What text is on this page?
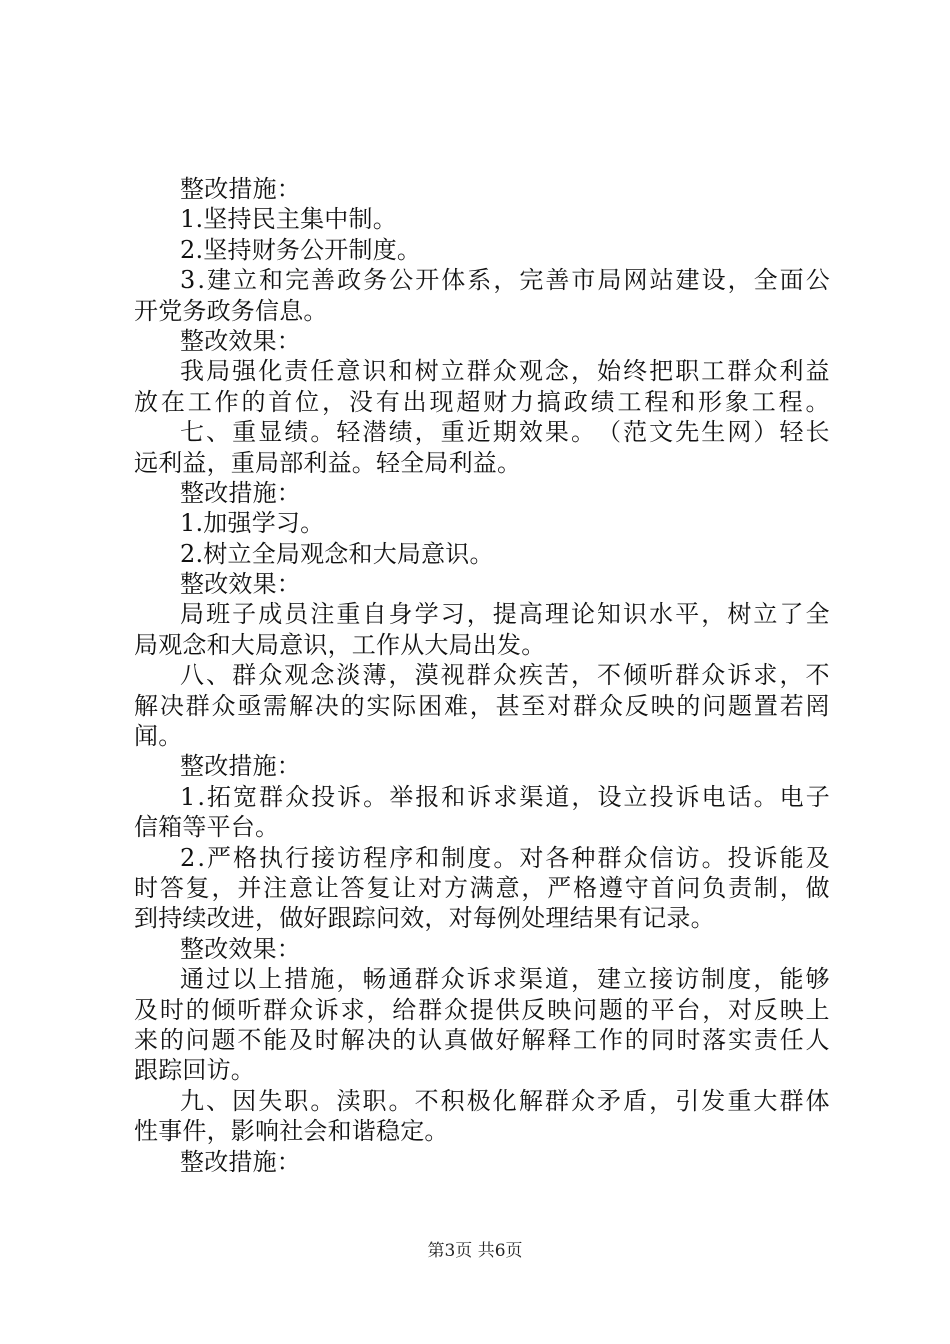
整改措施：
1.坚持民主集中制。
2.坚持财务公开制度。
3 . 建 立 和 完 善 政 务 公 开 体 系 ， 完 善 市 局 网 站 建 设 ， 全 面 公
开党务政务信息。
整改效果：
我 局 强 化 责 任 意 识 和 树 立 群 众 观 念 ， 始 终 把 职 工 群 众 利 益
放 在 工 作 的 首 位 ， 没 有 出 现 超 财 力 搞 政 绩 工 程 和 形 象 工 程 。
七 、 重 显 绩 。 轻 潜 绩 ， 重 近 期 效 果 。 （ 范 文 先 生 网 ） 轻 长
远利益，重局部利益。轻全局利益。
整改措施：
1.加强学习。
2.树立全局观念和大局意识。
整改效果：
局 班 子 成 员 注 重 自 身 学 习 ， 提 高 理 论 知 识 水 平 ， 树 立 了 全
局观念和大局意识，工作从大局出发。
八 、 群 众 观 念 淡 薄 ， 漠 视 群 众 疾 苦 ， 不 倾 听 群 众 诉 求 ， 不
解 决 群 众 亟 需 解 决 的 实 际 困 难 ， 甚 至 对 群 众 反 映 的 问 题 置 若 罔
闻。
整改措施：
1 . 拓 宽 群 众 投 诉 。 举 报 和 诉 求 渠 道 ， 设 立 投 诉 电 话 。 电 子
信箱等平台。
2 . 严 格 执 行 接 访 程 序 和 制 度 。 对 各 种 群 众 信 访 。 投 诉 能 及
时 答 复 ， 并 注 意 让 答 复 让 对 方 满 意 ， 严 格 遵 守 首 问 负 责 制 ， 做
到持续改进，做好跟踪问效，对每例处理结果有记录。
整改效果：
通 过 以 上 措 施 ， 畅 通 群 众 诉 求 渠 道 ， 建 立 接 访 制 度 ， 能 够
及 时 的 倾 听 群 众 诉 求 ， 给 群 众 提 供 反 映 问 题 的 平 台 ， 对 反 映 上
来 的 问 题 不 能 及 时 解 决 的 认 真 做 好 解 释 工 作 的 同 时 落 实 责 任 人
跟踪回访。
九 、 因 失 职 。 渎 职 。 不 积 极 化 解 群 众 矛 盾 ， 引 发 重 大 群 体
性事件，影响社会和谐稳定。
整改措施：
第3页 共6页
